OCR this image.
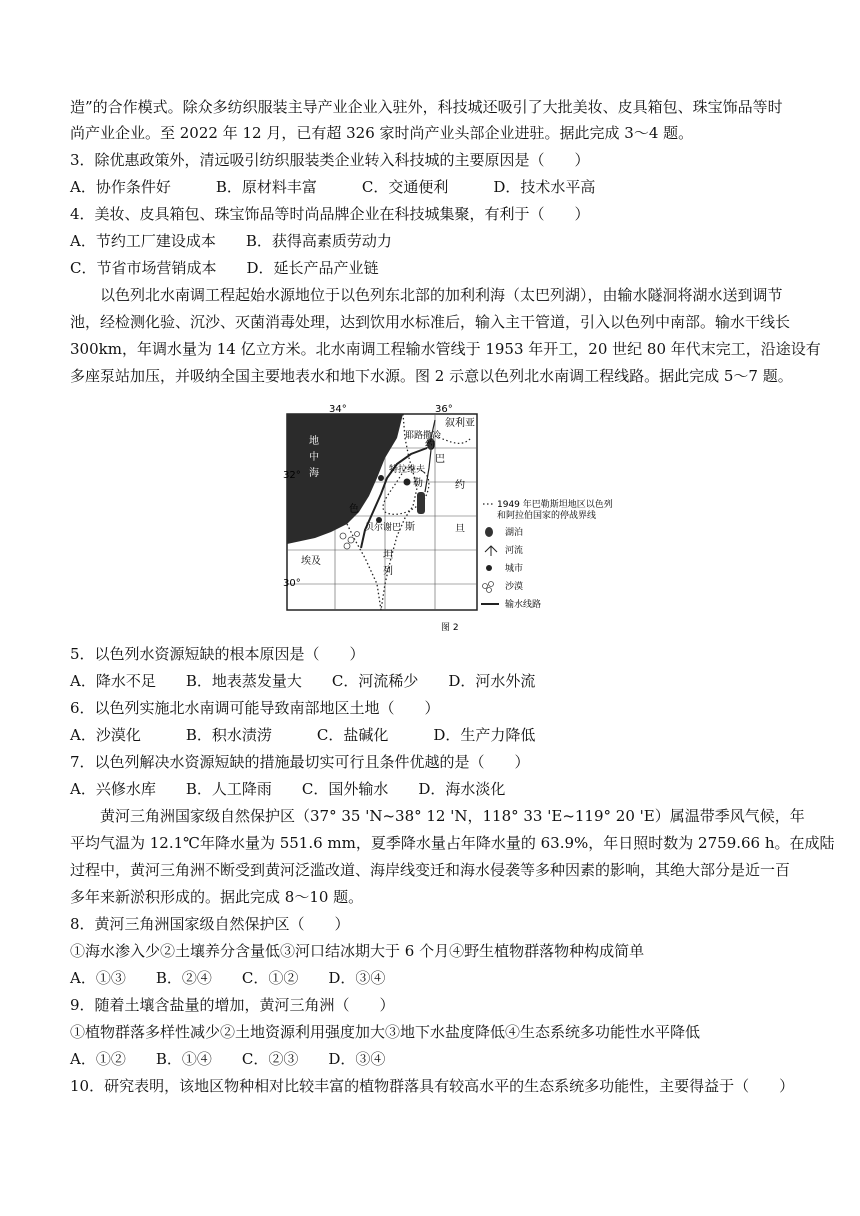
造”的合作模式。除众多纺织服装主导产业企业入驻外，科技城还吸引了大批美妆、皮具箱包、珠宝饰品等时
尚产业企业。至 2022 年 12 月，已有超 326 家时尚产业头部企业进驻。据此完成 3～4 题。
3．除优惠政策外，清远吸引纺织服装类企业转入科技城的主要原因是（　　）
A．协作条件好　　　B．原材料丰富　　　C．交通便利　　　D．技术水平高
4．美妆、皮具箱包、珠宝饰品等时尚品牌企业在科技城集聚，有利于（　　）
A．节约工厂建设成本　　B．获得高素质劳动力
C．节省市场营销成本　　D．延长产品产业链
以色列北水南调工程起始水源地位于以色列东北部的加利利海（太巴列湖），由输水隧洞将湖水送到调节
池，经检测化验、沉沙、灭菌消毒处理，达到饮用水标准后，输入主干管道，引入以色列中南部。输水干线长
300km，年调水量为 14 亿立方米。北水南调工程输水管线于 1953 年开工，20 世纪 80 年代末完工，沿途设有
多座泵站加压，并吸纳全国主要地表水和地下水源。图 2 示意以色列北水南调工程线路。据此完成 5～7 题。
34°	36°
32°
30°
地
中
海
叙利亚
约
旦
埃及
色
坦
列
巴
勒
斯
约
贝尔谢巴
特拉维夫
耶路撒冷
1949 年巴勒斯坦地区以色列
和阿拉伯国家的停战界线
湖泊
河流
城市
沙漠
输水线路
图 2
5．以色列水资源短缺的根本原因是（　　）
A．降水不足　　B．地表蒸发量大　　C．河流稀少　　D．河水外流
6．以色列实施北水南调可能导致南部地区土地（　　）
A．沙漠化　　　B．积水渍涝　　　C．盐碱化　　　D．生产力降低
7．以色列解决水资源短缺的措施最切实可行且条件优越的是（　　）
A．兴修水库　　B．人工降雨　　C．国外输水　　D．海水淡化
黄河三角洲国家级自然保护区（37° 35 'N~38° 12 'N，118° 33 'E~119° 20 'E）属温带季风气候，年
平均气温为 12.1℃年降水量为 551.6 mm，夏季降水量占年降水量的 63.9%，年日照时数为 2759.66 h。在成陆
过程中，黄河三角洲不断受到黄河泛滥改道、海岸线变迁和海水侵袭等多种因素的影响，其绝大部分是近一百
多年来新淤积形成的。据此完成 8～10 题。
8．黄河三角洲国家级自然保护区（　　）
①海水渗入少②土壤养分含量低③河口结冰期大于 6 个月④野生植物群落物种构成简单
A．①③　　B．②④　　C．①②　　D．③④
9．随着土壤含盐量的增加，黄河三角洲（　　）
①植物群落多样性减少②土地资源利用强度加大③地下水盐度降低④生态系统多功能性水平降低
A．①②　　B．①④　　C．②③　　D．③④
10．研究表明，该地区物种相对比较丰富的植物群落具有较高水平的生态系统多功能性，主要得益于（　　）
